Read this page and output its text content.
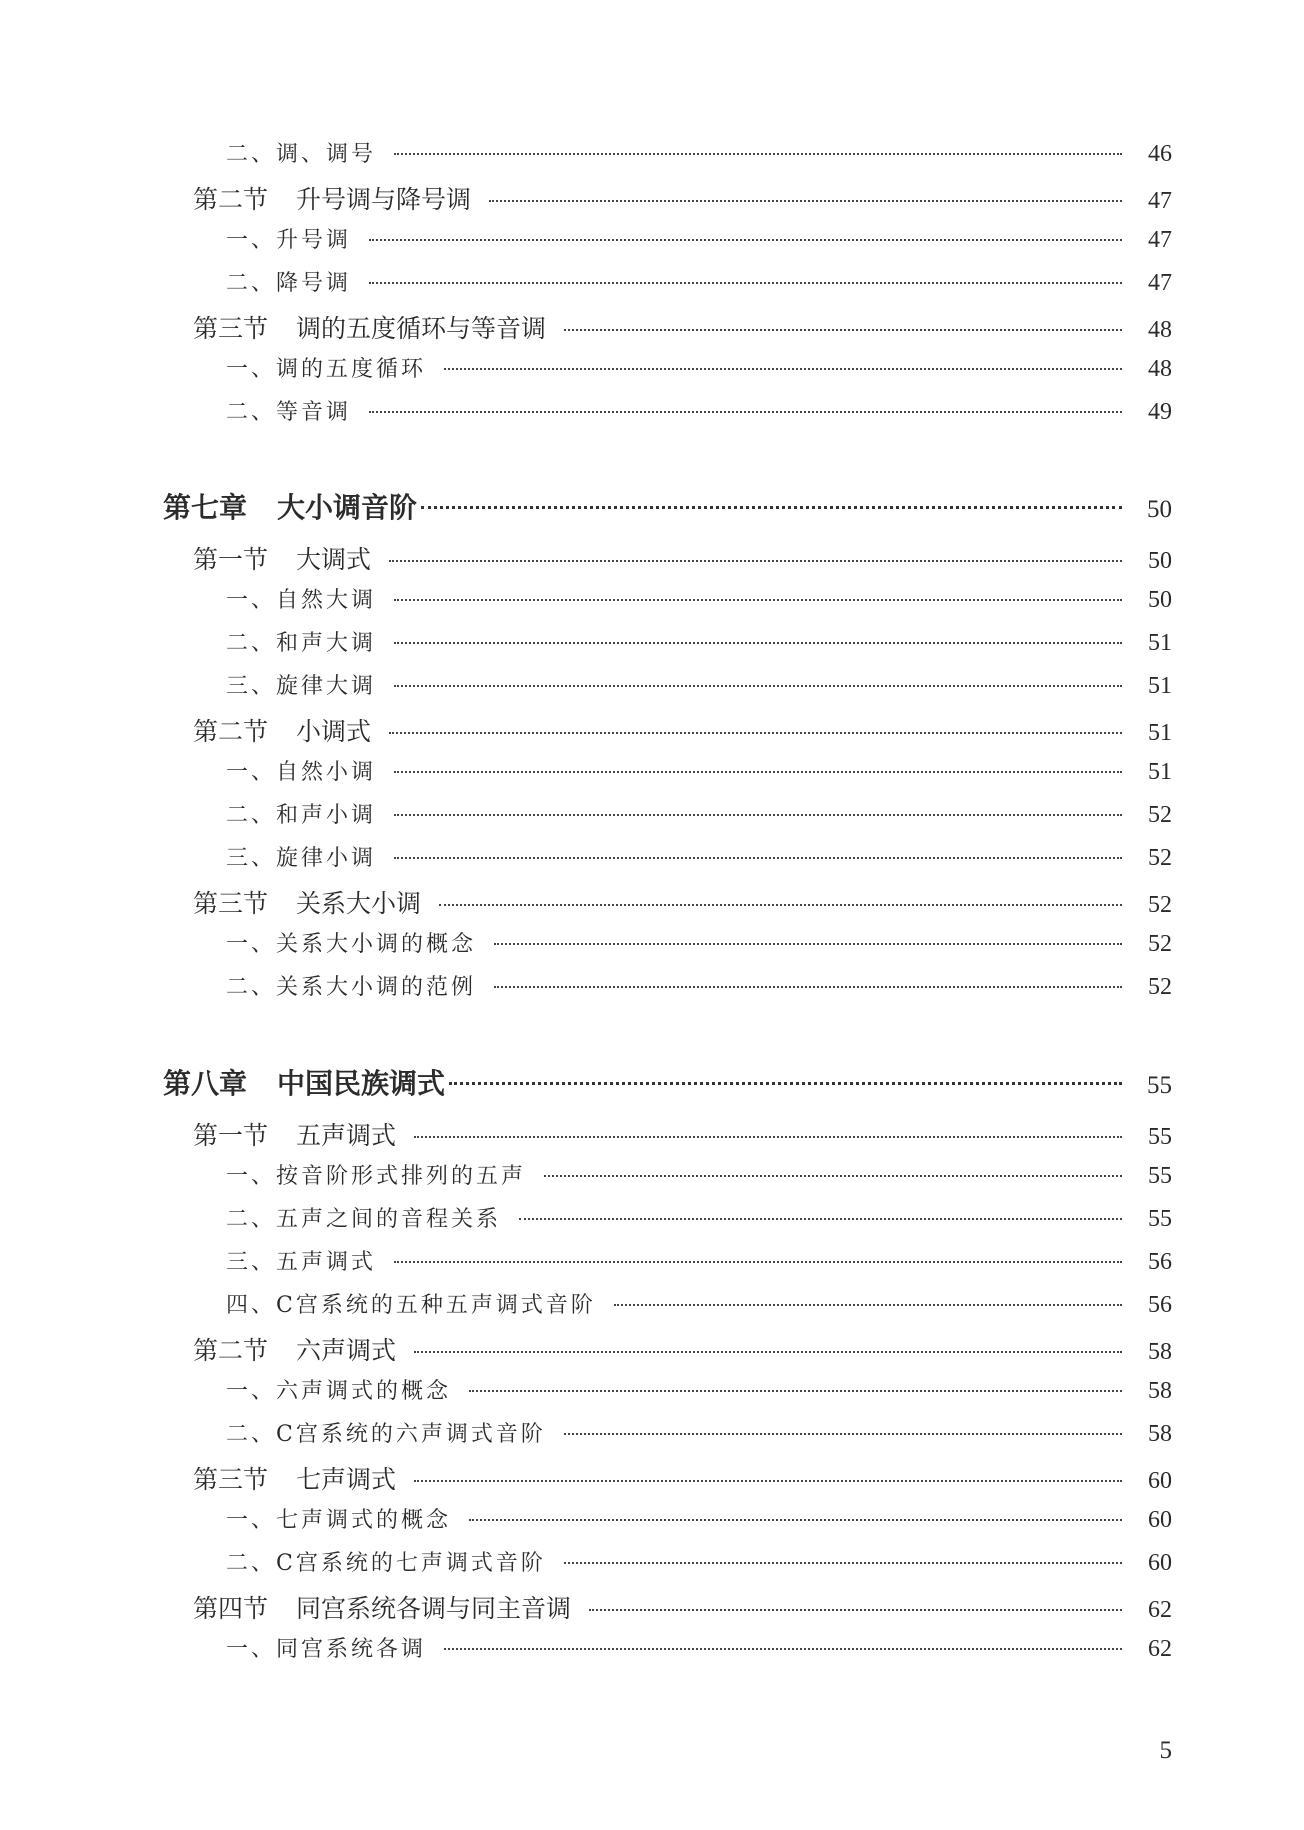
二、调、调号	46
第二节 升号调与降号调	47
一、升号调	47
二、降号调	47
第三节 调的五度循环与等音调	48
一、调的五度循环	48
二、等音调	49
第七章 大小调音阶	50
第一节 大调式	50
一、自然大调	50
二、和声大调	51
三、旋律大调	51
第二节 小调式	51
一、自然小调	51
二、和声小调	52
三、旋律小调	52
第三节 关系大小调	52
一、关系大小调的概念	52
二、关系大小调的范例	52
第八章 中国民族调式	55
第一节 五声调式	55
一、按音阶形式排列的五声	55
二、五声之间的音程关系	55
三、五声调式	56
四、C宫系统的五种五声调式音阶	56
第二节 六声调式	58
一、六声调式的概念	58
二、C宫系统的六声调式音阶	58
第三节 七声调式	60
一、七声调式的概念	60
二、C宫系统的七声调式音阶	60
第四节 同宫系统各调与同主音调	62
一、同宫系统各调	62
5
